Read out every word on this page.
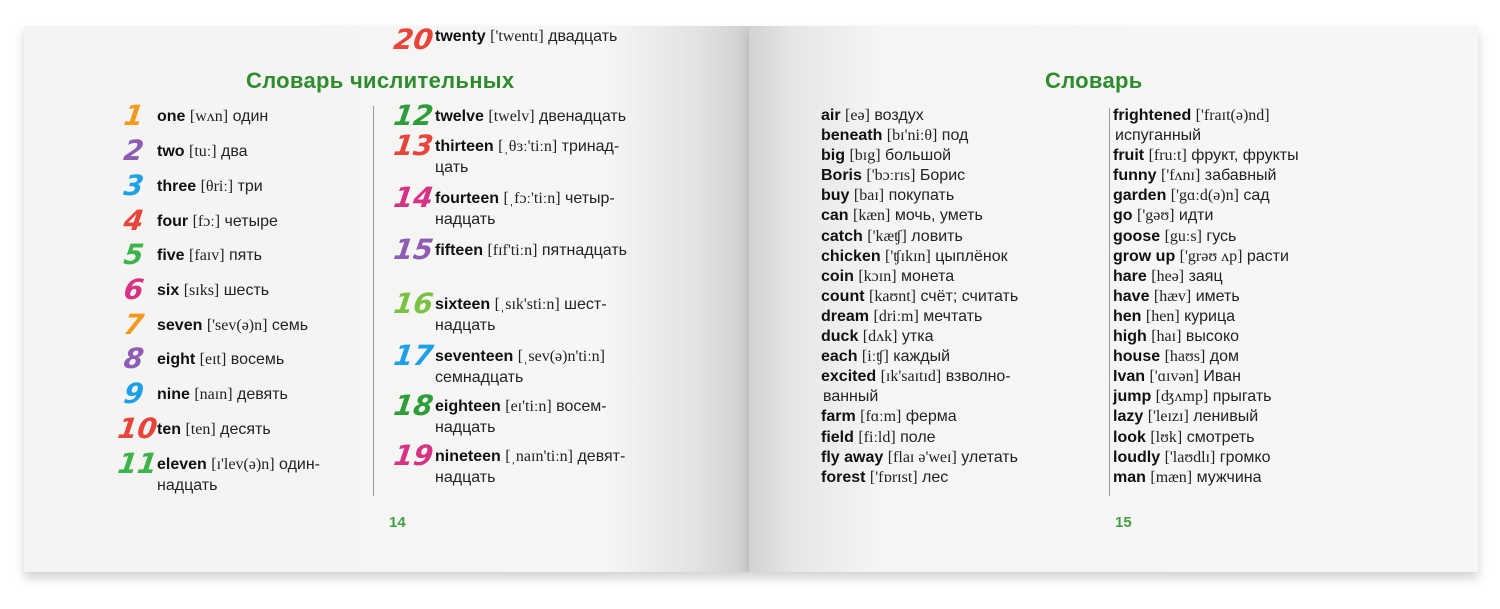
Словарь числительных
1 one [wʌn] один
2 two [tuː] два
3 three [θriː] три
4 four [fɔː] четыре
5 five [faɪv] пять
6 six [sɪks] шесть
7 seven ['sev(ə)n] семь
8 eight [eɪt] восемь
9 nine [naɪn] девять
10
ten [ten] десять
11
eleven [ɪ'lev(ə)n] один-
надцать
12 twelve [twelv] двенадцать
13 thirteen [ˌθɜː'tiːn] тринад-
цать
14 fourteen [ˌfɔː'tiːn] четыр-
надцать
15 fifteen [fɪf'tiːn] пятнадцать
16 sixteen [ˌsɪk'stiːn] шест-
надцать
17 seventeen [ˌsev(ə)n'tiːn]
семнадцать
18 eighteen [eɪ'tiːn] восем-
надцать
19 nineteen [ˌnaɪn'tiːn] девят-
надцать
20 twenty ['twentɪ] двадцать
14
Словарь
air [eə] воздух
beneath [bɪ'niːθ] под
big [bɪg] большой
Boris ['bɔːrɪs] Борис
buy [baɪ] покупать
can [kæn] мочь, уметь
catch ['kæʧ] ловить
chicken ['ʧɪkɪn] цыплёнок
coin [kɔɪn] монета
count [kaʊnt] счёт; считать
dream [driːm] мечтать
duck [dʌk] утка
each [iːʧ] каждый
excited [ɪk'saɪtɪd] взволно-
ванный
farm [fɑːm] ферма
field [fiːld] поле
fly away [flaɪ ə'weɪ] улетать
forest ['fɒrɪst] лес
frightened ['fraɪt(ə)nd]
испуганный
fruit [fruːt] фрукт, фрукты
funny ['fʌnɪ] забавный
garden ['gɑːd(ə)n] сад
go ['gəʊ] идти
goose [guːs] гусь
grow up ['grəʊ ʌp] расти
hare [heə] заяц
have [hæv] иметь
hen [hen] курица
high [haɪ] высоко
house [haʊs] дом
Ivan ['ɑɪvən] Иван
jump [ʤʌmp] прыгать
lazy ['leɪzɪ] ленивый
look [lʊk] смотреть
loudly ['laʊdlɪ] громко
man [mæn] мужчина
15
